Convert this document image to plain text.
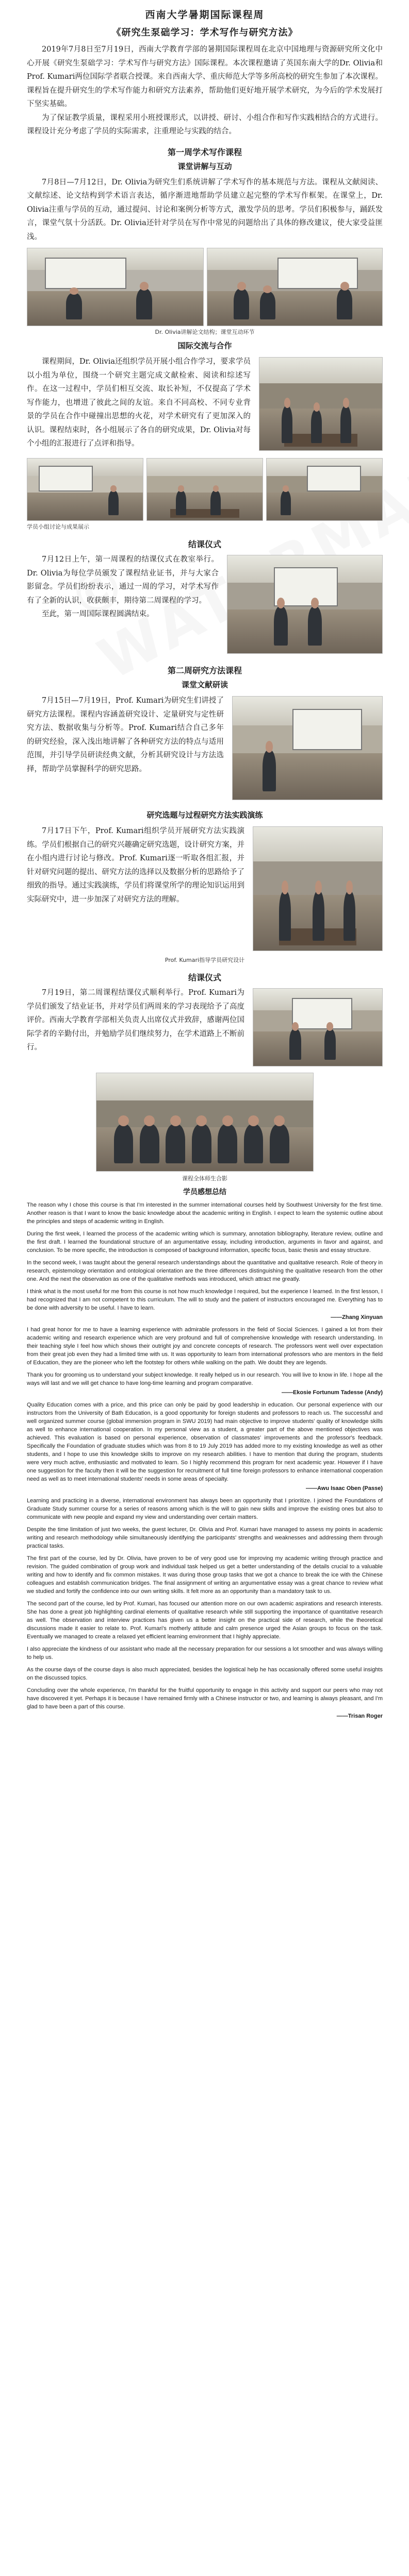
西南大学暑期国际课程周
《研究生泵础学习：学术写作与研究方法》

2019年7月8日至7月19日，西南大学教育学部的暑期国际课程周在北京中国地理与资源研究所文化中心开展《研究生泵础学习：学术写作与研究方法》国际课程。本次课程邀请了英国东南大学的Dr. Olivia和Prof. Kumari两位国际学者联合授课。来自西南大学、重庆师范大学等多所高校的研究生参加了本次课程。课程旨在提升研究生的学术写作能力和研究方法素养，帮助他们更好地开展学术研究，为今后的学术发展打下坚实基础。

为了保证教学质量，课程采用小班授课形式，以讲授、研讨、小组合作和写作实践相结合的方式进行。课程设计充分考虑了学员的实际需求，注重理论与实践的结合。

第一周学术写作课程
课堂讲解与互动

7月8日—7月12日，Dr. Olivia为研究生们系统讲解了学术写作的基本规范与方法。课程从文献阅读、文献综述、论文结构到学术语言表达，循序渐进地帮助学员建立起完整的学术写作框架。在课堂上，Dr. Olivia注重与学员的互动，通过提问、讨论和案例分析等方式，激发学员的思考。学员们积极参与，踊跃发言，课堂气氛十分活跃。Dr. Olivia还针对学员在写作中常见的问题给出了具体的修改建议，使大家受益匪浅。

Dr. Olivia讲解论文结构；课堂互动环节
国际交流与合作

课程期间，Dr. Olivia还组织学员开展小组合作学习，要求学员以小组为单位，围绕一个研究主题完成文献检索、阅读和综述写作。在这一过程中，学员们相互交流、取长补短，不仅提高了学术写作能力，也增进了彼此之间的友谊。来自不同高校、不同专业背景的学员在合作中碰撞出思想的火花，对学术研究有了更加深入的认识。课程结束时，各小组展示了各自的研究成果，Dr. Olivia对每个小组的汇报进行了点评和指导。

学员小组讨论与成果展示
结课仪式

7月12日上午，第一周课程的结课仪式在教室举行。Dr. Olivia为每位学员颁发了课程结业证书，并与大家合影留念。学员们纷纷表示，通过一周的学习，对学术写作有了全新的认识，收获颇丰，期待第二周课程的学习。

至此，第一周国际课程圆满结束。

第二周研究方法课程
课堂文献研读

7月15日—7月19日，Prof. Kumari为研究生们讲授了研究方法课程。课程内容涵盖研究设计、定量研究与定性研究方法、数据收集与分析等。Prof. Kumari结合自己多年的研究经验，深入浅出地讲解了各种研究方法的特点与适用范围，并引导学员研读经典文献，分析其研究设计与方法选择，帮助学员掌握科学的研究思路。

研究选题与过程研究方法实践演练

7月17日下午，Prof. Kumari组织学员开展研究方法实践演练。学员们根据自己的研究兴趣确定研究选题，设计研究方案，并在小组内进行讨论与修改。Prof. Kumari逐一听取各组汇报，并针对研究问题的提出、研究方法的选择以及数据分析的思路给予了细致的指导。通过实践演练，学员们将课堂所学的理论知识运用到实际研究中，进一步加深了对研究方法的理解。

Prof. Kumari指导学员研究设计
结课仪式

7月19日，第二周课程结课仪式顺利举行。Prof. Kumari为学员们颁发了结业证书，并对学员们两周来的学习表现给予了高度评价。西南大学教育学部相关负责人出席仪式并致辞，感谢两位国际学者的辛勤付出，并勉励学员们继续努力，在学术道路上不断前行。

课程全体师生合影
学员感想总结

The reason why I chose this course is that I'm interested in the summer international courses held by Southwest University for the first time. Another reason is that I want to know the basic knowledge about the academic writing in English. I expect to learn the systemic outline about the principles and steps of academic writing in English.

During the first week, I learned the process of the academic writing which is summary, annotation bibliography, literature review, outline and the first draft. I learned the foundational structure of an argumentative essay, including introduction, arguments in favor and against, and conclusion. To be more specific, the introduction is composed of background information, specific focus, basic thesis and essay structure.

In the second week, I was taught about the general research understandings about the quantitative and qualitative research. Role of theory in research, epistemology orientation and ontological orientation are the three differences distinguishing the qualitative research from the other one. And the next the observation as one of the qualitative methods was introduced, which attract me greatly.

I think what is the most useful for me from this course is not how much knowledge I required, but the experience I learned. In the first lesson, I had recognized that I am not competent to this curriculum. The will to study and the patient of instructors encouraged me. Everything has to be done with adversity to be useful. I have to learn.

——Zhang Xinyuan

I had great honor for me to have a learning experience with admirable professors in the field of Social Sciences. I gained a lot from their academic writing and research experience which are very profound and full of comprehensive knowledge with research understanding. In their teaching style I feel how which shows their outright joy and concrete concepts of research. The professors went well over expectation from their great job even they had a limited time with us. It was opportunity to learn from international professors who are mentors in the field of Education, they are the pioneer who left the footstep for others while walking on the path. We doubt they are legends.

Thank you for grooming us to understand your subject knowledge. It really helped us in our research. You will live to know in life. I hope all the ways will last and we will get chance to have long-time learning and program comparative.

——Ekosie Fortunum Tadesse (Andy)

Quality Education comes with a price, and this price can only be paid by good leadership in education. Our personal experience with our instructors from the University of Bath Education, is a good opportunity for foreign students and professors to reach us. The successful and well organized summer course (global immersion program in SWU 2019) had main objective to improve students' quality of knowledge skills as well to enhance international cooperation. In my personal view as a student, a greater part of the above mentioned objectives was achieved. This evaluation is based on personal experience, observation of classmates' improvements and the professor's feedback. Specifically the Foundation of graduate studies which was from 8 to 19 July 2019 has added more to my existing knowledge as well as other students, and I hope to use this knowledge skills to improve on my research abilities. I have to mention that during the program, students were very much active, enthusiastic and motivated to learn. So I highly recommend this program for next academic year. However if I have one suggestion for the faculty then it will be the suggestion for recruitment of full time foreign professors to enhance international cooperation need as well as to meet international students' needs in some areas of specialty.

——Awu Isaac Oben (Passe)

Learning and practicing in a diverse, international environment has always been an opportunity that I prioritize. I joined the Foundations of Graduate Study summer course for a series of reasons among which is the will to gain new skills and improve the existing ones but also to communicate with new people and expand my view and understanding over certain matters.

Despite the time limitation of just two weeks, the guest lecturer, Dr. Olivia and Prof. Kumari have managed to assess my points in academic writing and research methodology while simultaneously identifying the participants' strengths and weaknesses and addressing them through practical tasks.

The first part of the course, led by Dr. Olivia, have proven to be of very good use for improving my academic writing through practice and revision. The guided combination of group work and individual task helped us get a better understanding of the details crucial to a valuable writing and how to identify and fix common mistakes. It was during those group tasks that we got a chance to break the ice with the Chinese colleagues and establish communication bridges. The final assignment of writing an argumentative essay was a great chance to review what we studied and fortify the confidence into our own writing skills. It felt more as an opportunity than a mandatory task to us.

The second part of the course, led by Prof. Kumari, has focused our attention more on our own academic aspirations and research interests. She has done a great job highlighting cardinal elements of qualitative research while still supporting the importance of quantitative research as well. The observation and interview practices has given us a better insight on the practical side of research, while the theoretical discussions made it easier to relate to. Prof. Kumari's motherly attitude and calm presence urged the Asian groups to focus on the task. Eventually we managed to create a relaxed yet efficient learning environment that I highly appreciate.

I also appreciate the kindness of our assistant who made all the necessary preparation for our sessions a lot smoother and was always willing to help us.

As the course days of the course days is also much appreciated, besides the logistical help he has occasionally offered some useful insights on the discussed topics.

Concluding over the whole experience, I'm thankful for the fruitful opportunity to engage in this activity and support our peers who may not have discovered it yet. Perhaps it is because I have remained firmly with a Chinese instructor or two, and learning is always pleasant, and I'm glad to have been a part of this course.

——Trisan Roger
